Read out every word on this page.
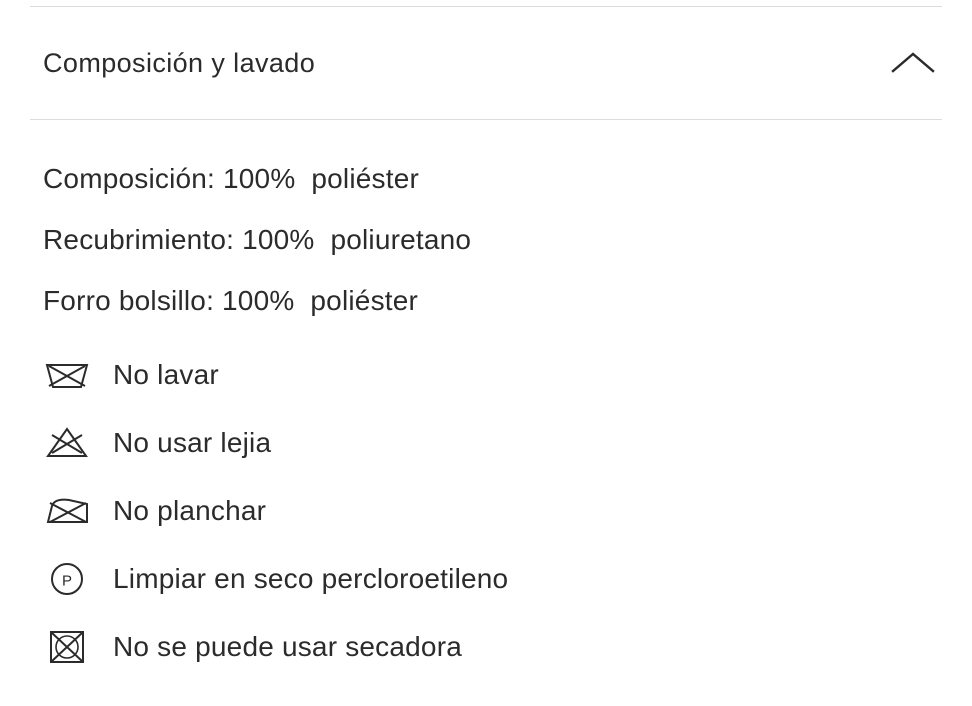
Composición y lavado
Composición: 100%  poliéster
Recubrimiento: 100%  poliuretano
Forro bolsillo: 100%  poliéster
No lavar
No usar lejia
No planchar
P	Limpiar en seco percloroetileno
No se puede usar secadora
